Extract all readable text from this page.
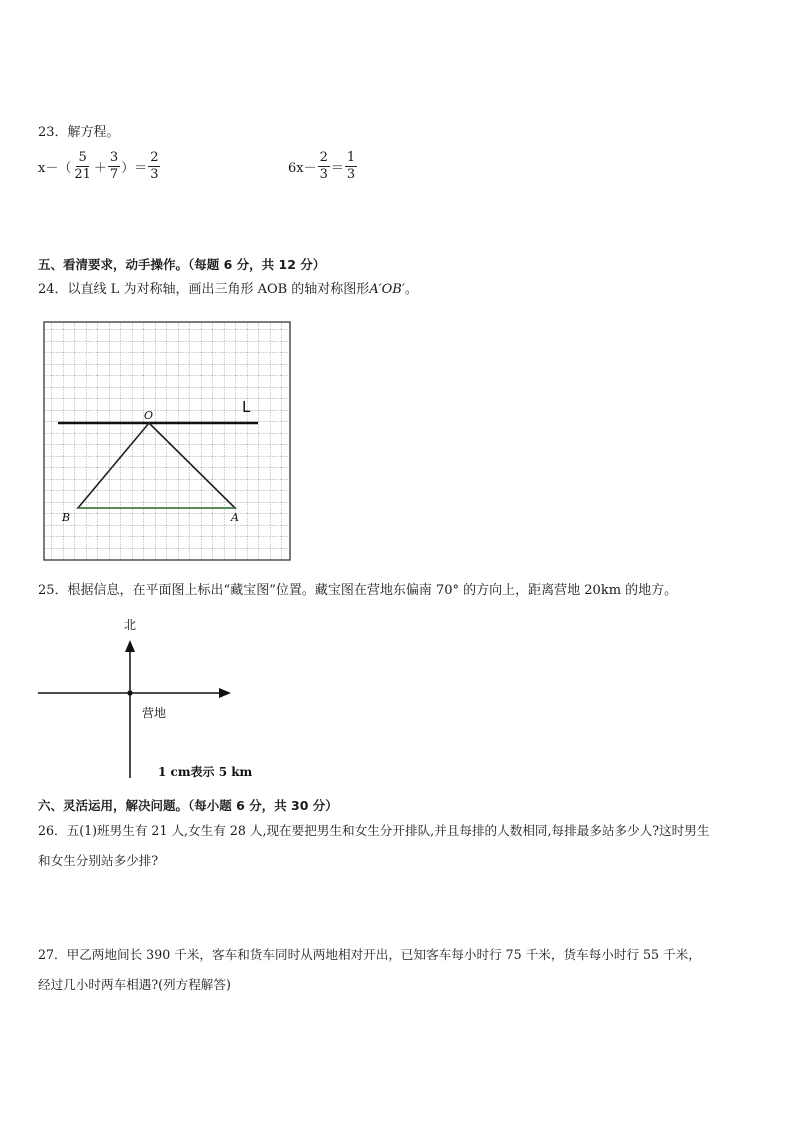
23．解方程。
$x-( \frac{5}{21} + \frac{3}{7}$ ）＝ $\frac{2}{3}$	$6x- \frac{2}{3} = \frac{1}{3}$
五、看清要求，动手操作。（每题 6 分，共 12 分）
24．以直线 L 为对称轴，画出三角形 AOB 的轴对称图形A′OB′。
L
O
A
B
25．根据信息，在平面图上标出“藏宝图”位置。藏宝图在营地东偏南 70° 的方向上，距离营地 20km 的地方。
北
营地
1 cm表示 5 km
六、灵活运用，解决问题。（每小题 6 分，共 30 分）
26．五(1)班男生有 21 人,女生有 28 人,现在要把男生和女生分开排队,并且每排的人数相同,每排最多站多少人?这时男生
和女生分别站多少排?
27．甲乙两地间长 390 千米，客车和货车同时从两地相对开出，已知客车每小时行 75 千米，货车每小时行 55 千米，
经过几小时两车相遇?(列方程解答)
